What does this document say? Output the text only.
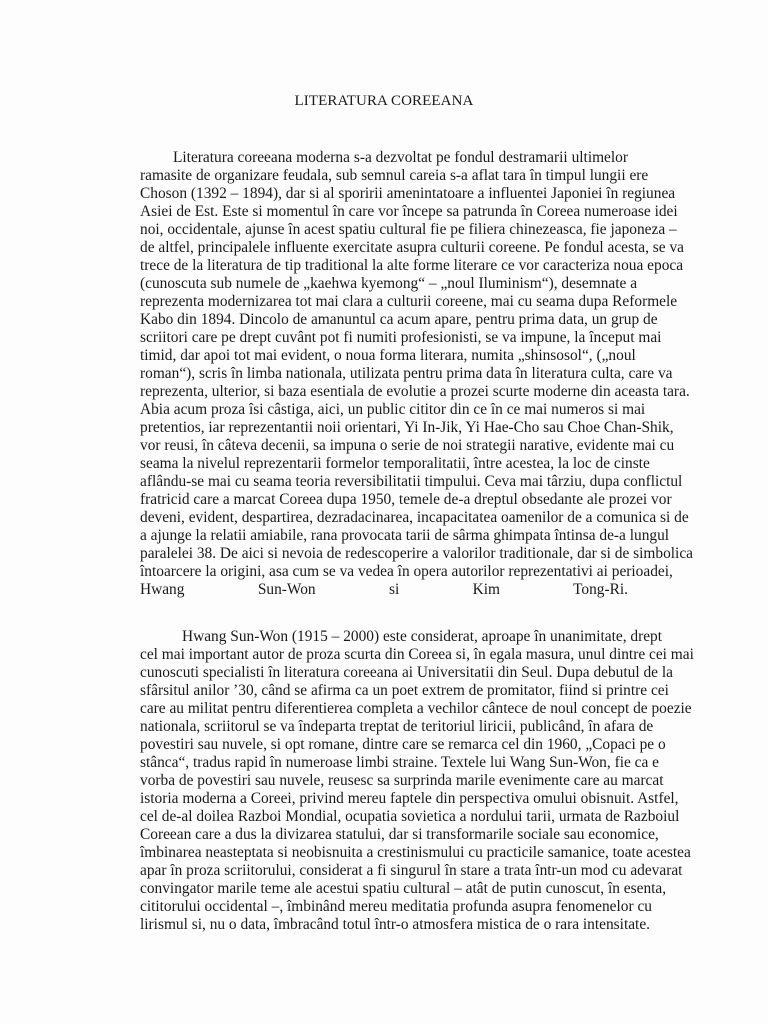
LITERATURA COREEANA
Literatura coreeana moderna s-a dezvoltat pe fondul destramarii ultimelor
ramasite de organizare feudala, sub semnul careia s-a aflat tara în timpul lungii ere
Choson (1392 – 1894), dar si al sporirii amenintatoare a influentei Japoniei în regiunea
Asiei de Est. Este si momentul în care vor începe sa patrunda în Coreea numeroase idei
noi, occidentale, ajunse în acest spatiu cultural fie pe filiera chinezeasca, fie japoneza –
de altfel, principalele influente exercitate asupra culturii coreene. Pe fondul acesta, se va
trece de la literatura de tip traditional la alte forme literare ce vor caracteriza noua epoca
(cunoscuta sub numele de „kaehwa kyemong“ – „noul Iluminism“), desemnate a
reprezenta modernizarea tot mai clara a culturii coreene, mai cu seama dupa Reformele
Kabo din 1894. Dincolo de amanuntul ca acum apare, pentru prima data, un grup de
scriitori care pe drept cuvânt pot fi numiti profesionisti, se va impune, la început mai
timid, dar apoi tot mai evident, o noua forma literara, numita „shinsosol“, („noul
roman“), scris în limba nationala, utilizata pentru prima data în literatura culta, care va
reprezenta, ulterior, si baza esentiala de evolutie a prozei scurte moderne din aceasta tara.
Abia acum proza îsi câstiga, aici, un public cititor din ce în ce mai numeros si mai
pretentios, iar reprezentantii noii orientari, Yi In-Jik, Yi Hae-Cho sau Choe Chan-Shik,
vor reusi, în câteva decenii, sa impuna o serie de noi strategii narative, evidente mai cu
seama la nivelul reprezentarii formelor temporalitatii, între acestea, la loc de cinste
aflându-se mai cu seama teoria reversibilitatii timpului. Ceva mai târziu, dupa conflictul
fratricid care a marcat Coreea dupa 1950, temele de-a dreptul obsedante ale prozei vor
deveni, evident, despartirea, dezradacinarea, incapacitatea oamenilor de a comunica si de
a ajunge la relatii amiabile, rana provocata tarii de sârma ghimpata întinsa de-a lungul
paralelei 38. De aici si nevoia de redescoperire a valorilor traditionale, dar si de simbolica
întoarcere la origini, asa cum se va vedea în opera autorilor reprezentativi ai perioadei,
Hwang Sun-Won si Kim Tong-Ri.
Hwang Sun-Won (1915 – 2000) este considerat, aproape în unanimitate, drept
cel mai important autor de proza scurta din Coreea si, în egala masura, unul dintre cei mai
cunoscuti specialisti în literatura coreeana ai Universitatii din Seul. Dupa debutul de la
sfârsitul anilor ’30, când se afirma ca un poet extrem de promitator, fiind si printre cei
care au militat pentru diferentierea completa a vechilor cântece de noul concept de poezie
nationala, scriitorul se va îndeparta treptat de teritoriul liricii, publicând, în afara de
povestiri sau nuvele, si opt romane, dintre care se remarca cel din 1960, „Copaci pe o
stânca“, tradus rapid în numeroase limbi straine. Textele lui Wang Sun-Won, fie ca e
vorba de povestiri sau nuvele, reusesc sa surprinda marile evenimente care au marcat
istoria moderna a Coreei, privind mereu faptele din perspectiva omului obisnuit. Astfel,
cel de-al doilea Razboi Mondial, ocupatia sovietica a nordului tarii, urmata de Razboiul
Coreean care a dus la divizarea statului, dar si transformarile sociale sau economice,
îmbinarea neasteptata si neobisnuita a crestinismului cu practicile samanice, toate acestea
apar în proza scriitorului, considerat a fi singurul în stare a trata într-un mod cu adevarat
convingator marile teme ale acestui spatiu cultural – atât de putin cunoscut, în esenta,
cititorului occidental –, îmbinând mereu meditatia profunda asupra fenomenelor cu
lirismul si, nu o data, îmbracând totul într-o atmosfera mistica de o rara intensitate.
